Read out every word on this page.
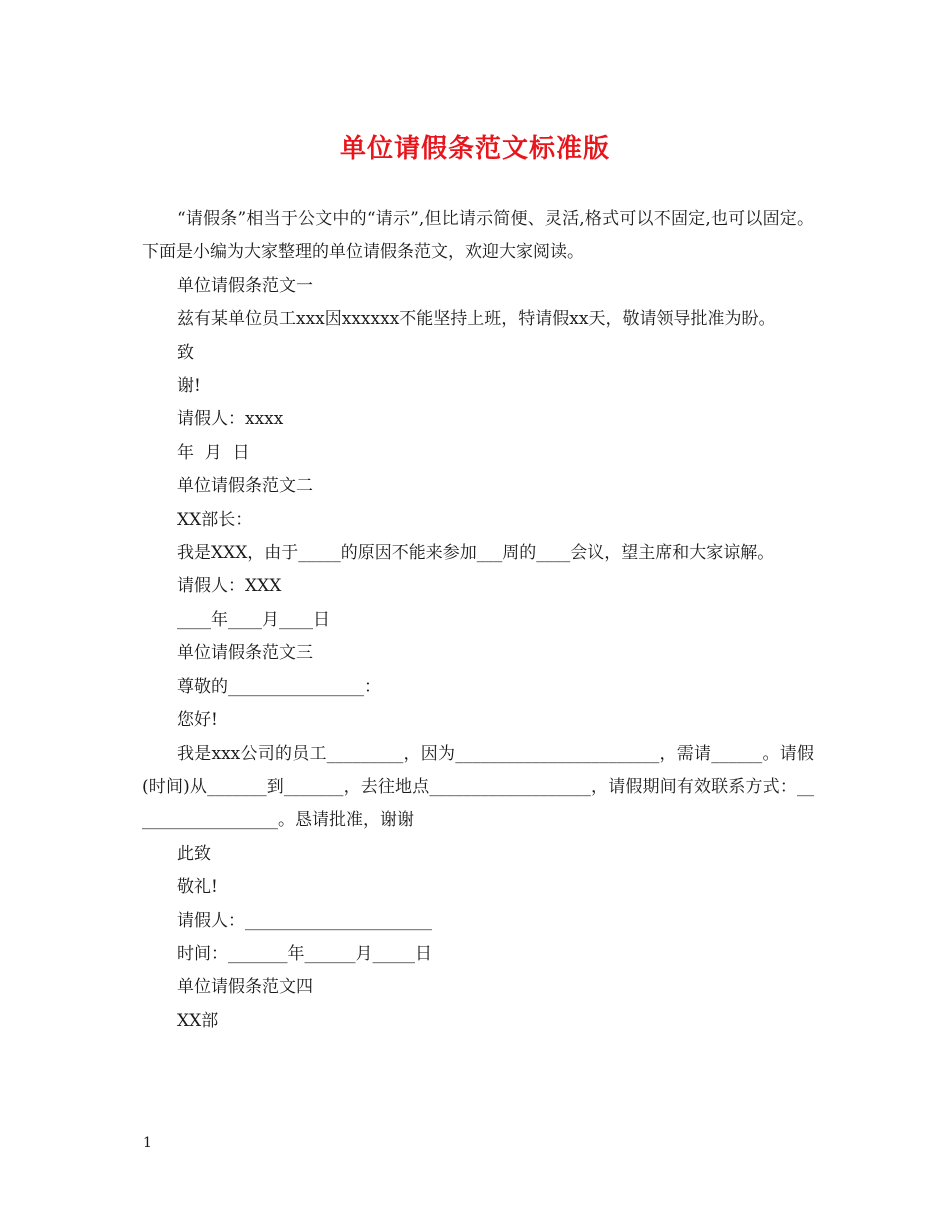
单位请假条范文标准版

“请假条”相当于公文中的“请示”,但比请示简便、灵活,格式可以不固定,也可以固定。下面是小编为大家整理的单位请假条范文，欢迎大家阅读。

单位请假条范文一

兹有某单位员工xxx因xxxxxx不能坚持上班，特请假xx天，敬请领导批准为盼。

致

谢!

请假人：xxxx

年  月  日

单位请假条范文二

XX部长：

我是XXX，由于_____的原因不能来参加___周的____会议，望主席和大家谅解。

请假人：XXX

____年____月____日

单位请假条范文三

尊敬的________________：

您好!

我是xxx公司的员工_________，因为________________________，需请______。请假(时间)从_______到_______，去往地点___________________，请假期间有效联系方式：__________________。恳请批准，谢谢

此致

敬礼!

请假人：______________________

时间：_______年______月_____日

单位请假条范文四

XX部

1
